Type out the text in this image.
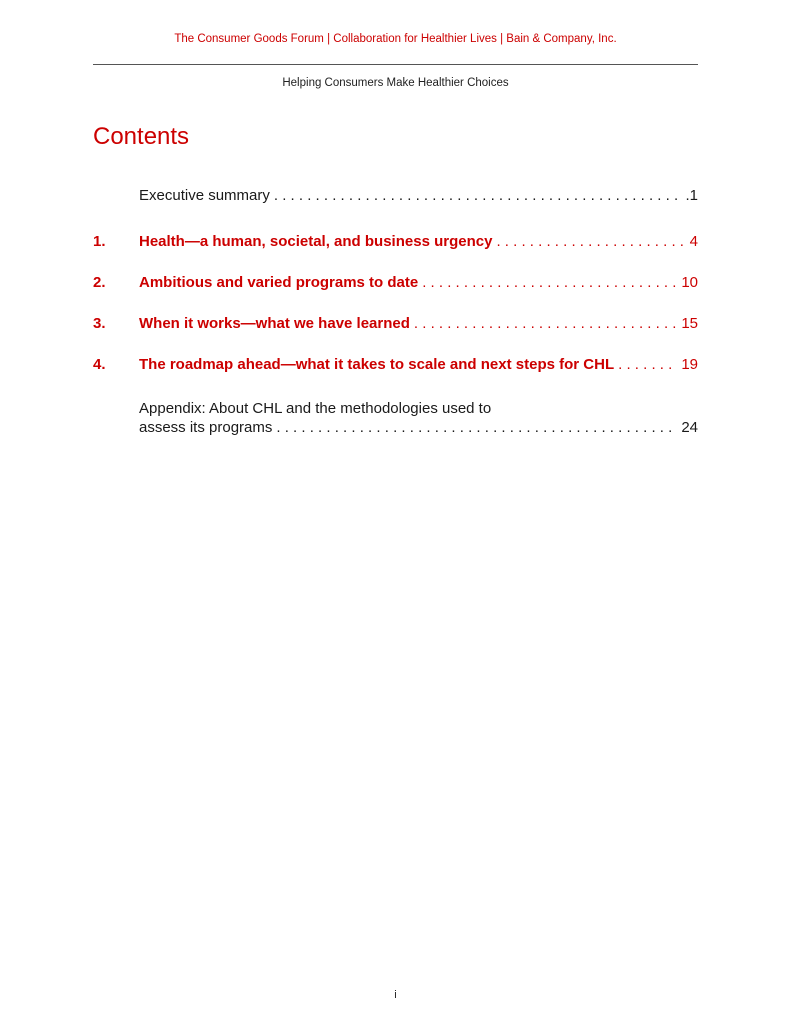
The Consumer Goods Forum | Collaboration for Healthier Lives | Bain & Company, Inc.
Helping Consumers Make Healthier Choices
Contents
Executive summary . . .	.1
1.	Health—a human, societal, and business urgency . . .	4
2.	Ambitious and varied programs to date . . .	10
3.	When it works—what we have learned . . .	15
4.	The roadmap ahead—what it takes to scale and next steps for CHL . . .	19
Appendix: About CHL and the methodologies used to
assess its programs . . .	24
i
